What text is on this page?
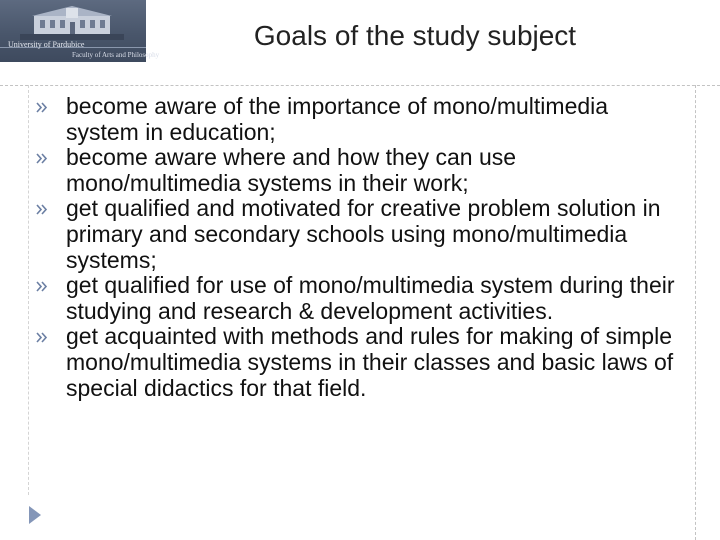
University of Pardubice
Faculty of Arts and Philosophy
Goals of the study subject
become aware of the importance of mono/multimedia system in education;
become aware where and how they can use mono/multimedia systems in their work;
get qualified and motivated for creative problem solution in primary and secondary schools using mono/multimedia systems;
get qualified for use of mono/multimedia system during their studying and research & development activities.
get acquainted with methods and rules for making of simple mono/multimedia systems in their classes and basic laws of special didactics for that field.
